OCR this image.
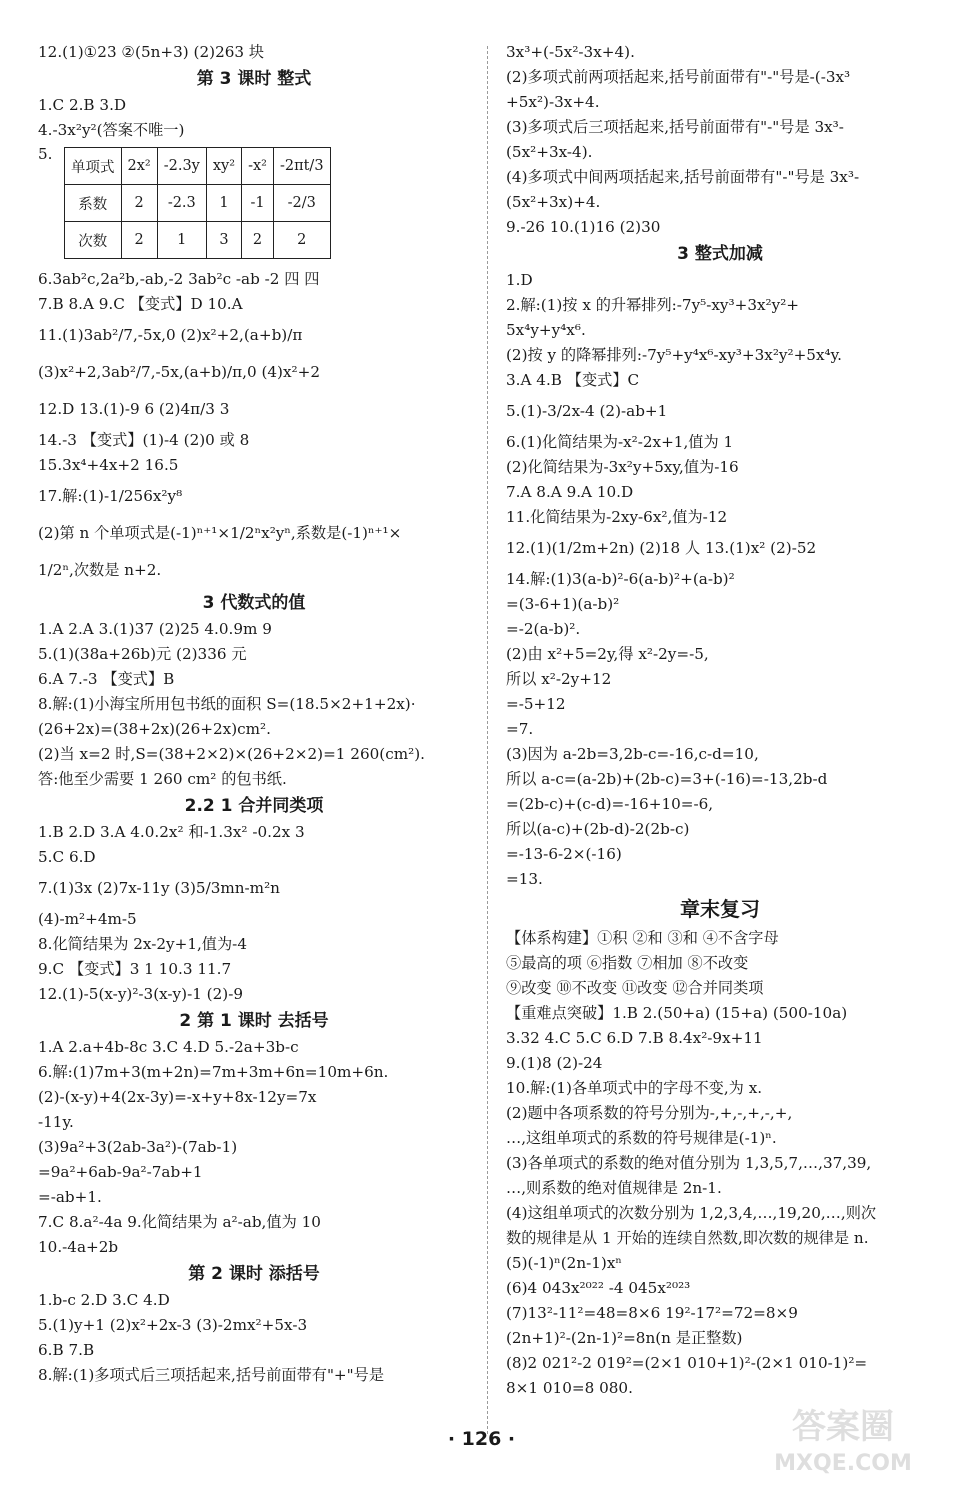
12.(1)①23 ②(5n+3) (2)263 块
第 3 课时 整式
1.C 2.B 3.D
4.-3x²y²(答案不唯一)
5.
单项式	2x²	-2.3y	xy²	-x²	-2πt/3
系数	2	-2.3	1	-1	-2/3
次数	2	1	3	2	2
6.3ab²c,2a²b,-ab,-2 3ab²c -ab -2 四 四
7.B 8.A 9.C 【变式】D 10.A
11.(1)3ab²/7,-5x,0 (2)x²+2,(a+b)/π
(3)x²+2,3ab²/7,-5x,(a+b)/π,0 (4)x²+2
12.D 13.(1)-9 6 (2)4π/3 3
14.-3 【变式】(1)-4 (2)0 或 8
15.3x⁴+4x+2 16.5
17.解:(1)-1/256x²y⁸
(2)第 n 个单项式是(-1)ⁿ⁺¹×1/2ⁿx²yⁿ,系数是(-1)ⁿ⁺¹×
1/2ⁿ,次数是 n+2.
3 代数式的值
1.A 2.A 3.(1)37 (2)25 4.0.9m 9
5.(1)(38a+26b)元 (2)336 元
6.A 7.-3 【变式】B
8.解:(1)小海宝所用包书纸的面积 S=(18.5×2+1+2x)·
(26+2x)=(38+2x)(26+2x)cm².
(2)当 x=2 时,S=(38+2×2)×(26+2×2)=1 260(cm²).
答:他至少需要 1 260 cm² 的包书纸.
2.2 1 合并同类项
1.B 2.D 3.A 4.0.2x² 和-1.3x² -0.2x 3
5.C 6.D
7.(1)3x (2)7x-11y (3)5/3mn-m²n
(4)-m²+4m-5
8.化简结果为 2x-2y+1,值为-4
9.C 【变式】3 1 10.3 11.7
12.(1)-5(x-y)²-3(x-y)-1 (2)-9
2 第 1 课时 去括号
1.A 2.a+4b-8c 3.C 4.D 5.-2a+3b-c
6.解:(1)7m+3(m+2n)=7m+3m+6n=10m+6n.
(2)-(x-y)+4(2x-3y)=-x+y+8x-12y=7x
-11y.
(3)9a²+3(2ab-3a²)-(7ab-1)
=9a²+6ab-9a²-7ab+1
=-ab+1.
7.C 8.a²-4a 9.化简结果为 a²-ab,值为 10
10.-4a+2b
第 2 课时 添括号
1.b-c 2.D 3.C 4.D
5.(1)y+1 (2)x²+2x-3 (3)-2mx²+5x-3
6.B 7.B
8.解:(1)多项式后三项括起来,括号前面带有"+"号是
3x³+(-5x²-3x+4).
(2)多项式前两项括起来,括号前面带有"-"号是-(-3x³
+5x²)-3x+4.
(3)多项式后三项括起来,括号前面带有"-"号是 3x³-
(5x²+3x-4).
(4)多项式中间两项括起来,括号前面带有"-"号是 3x³-
(5x²+3x)+4.
9.-26 10.(1)16 (2)30
3 整式加减
1.D
2.解:(1)按 x 的升幂排列:-7y⁵-xy³+3x²y²+
5x⁴y+y⁴x⁶.
(2)按 y 的降幂排列:-7y⁵+y⁴x⁶-xy³+3x²y²+5x⁴y.
3.A 4.B 【变式】C
5.(1)-3/2x-4 (2)-ab+1
6.(1)化简结果为-x²-2x+1,值为 1
(2)化简结果为-3x²y+5xy,值为-16
7.A 8.A 9.A 10.D
11.化简结果为-2xy-6x²,值为-12
12.(1)(1/2m+2n) (2)18 人 13.(1)x² (2)-52
14.解:(1)3(a-b)²-6(a-b)²+(a-b)²
=(3-6+1)(a-b)²
=-2(a-b)².
(2)由 x²+5=2y,得 x²-2y=-5,
所以 x²-2y+12
=-5+12
=7.
(3)因为 a-2b=3,2b-c=-16,c-d=10,
所以 a-c=(a-2b)+(2b-c)=3+(-16)=-13,2b-d
=(2b-c)+(c-d)=-16+10=-6,
所以(a-c)+(2b-d)-2(2b-c)
=-13-6-2×(-16)
=13.
章末复习
【体系构建】①积 ②和 ③和 ④不含字母
⑤最高的项 ⑥指数 ⑦相加 ⑧不改变
⑨改变 ⑩不改变 ⑪改变 ⑫合并同类项
【重难点突破】1.B 2.(50+a) (15+a) (500-10a)
3.32 4.C 5.C 6.D 7.B 8.4x²-9x+11
9.(1)8 (2)-24
10.解:(1)各单项式中的字母不变,为 x.
(2)题中各项系数的符号分别为-,+,-,+,-,+,
…,这组单项式的系数的符号规律是(-1)ⁿ.
(3)各单项式的系数的绝对值分别为 1,3,5,7,…,37,39,
…,则系数的绝对值规律是 2n-1.
(4)这组单项式的次数分别为 1,2,3,4,…,19,20,…,则次
数的规律是从 1 开始的连续自然数,即次数的规律是 n.
(5)(-1)ⁿ(2n-1)xⁿ
(6)4 043x²⁰²² -4 045x²⁰²³
(7)13²-11²=48=8×6 19²-17²=72=8×9
(2n+1)²-(2n-1)²=8n(n 是正整数)
(8)2 021²-2 019²=(2×1 010+1)²-(2×1 010-1)²=
8×1 010=8 080.
· 126 ·	答案圈
MXQE.COM
